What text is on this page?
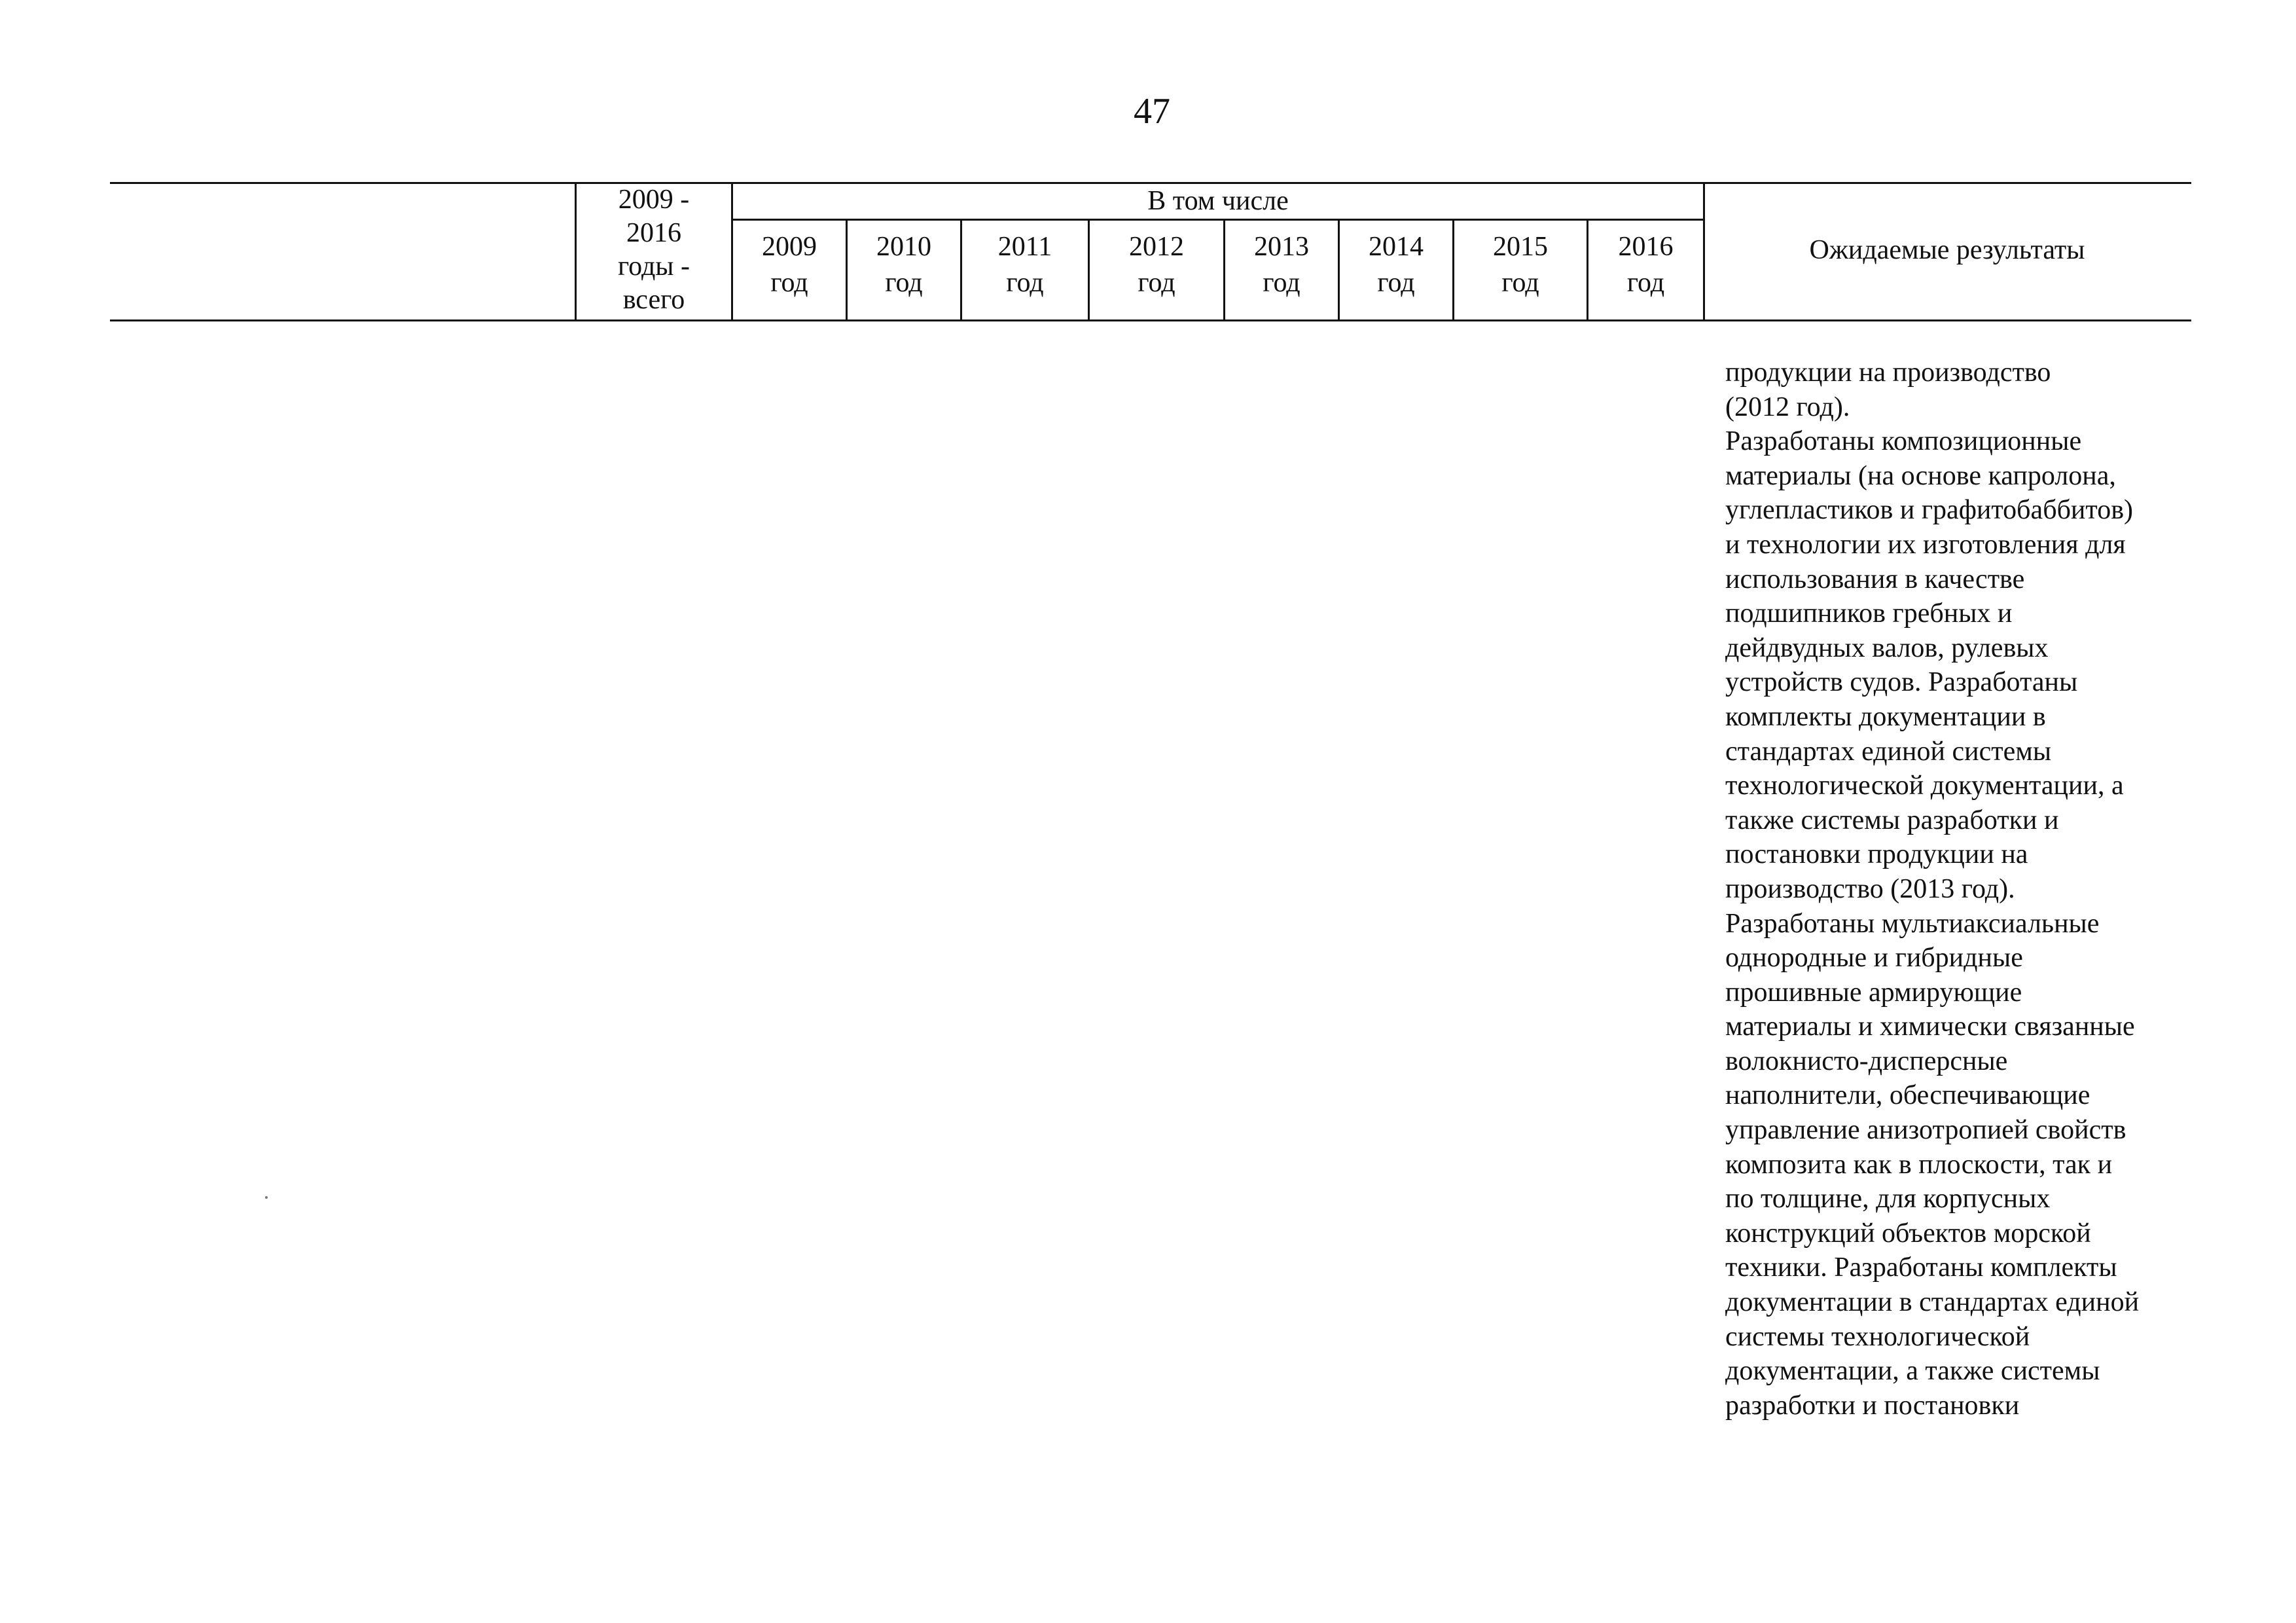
47
2009 -
2016
годы -
всего
В том числе
2009
год
2010
год
2011
год
2012
год
2013
год
2014
год
2015
год
2016
год
Ожидаемые результаты
продукции на производство
(2012 год).
Разработаны композиционные
материалы (на основе капролона,
углепластиков и графитобаббитов)
и технологии их изготовления для
использования в качестве
подшипников гребных и
дейдвудных валов, рулевых
устройств судов. Разработаны
комплекты документации в
стандартах единой системы
технологической документации, а
также системы разработки и
постановки продукции на
производство (2013 год).
Разработаны мультиаксиальные
однородные и гибридные
прошивные армирующие
материалы и химически связанные
волокнисто-дисперсные
наполнители, обеспечивающие
управление анизотропией свойств
композита как в плоскости, так и
по толщине, для корпусных
конструкций объектов морской
техники. Разработаны комплекты
документации в стандартах единой
системы технологической
документации, а также системы
разработки и постановки
